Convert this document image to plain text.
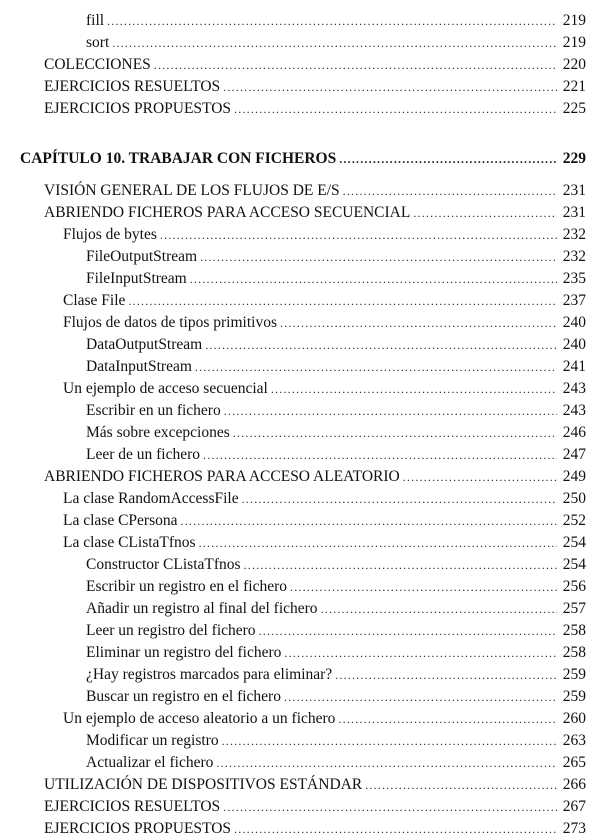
fill .....	219
sort .....	219
COLECCIONES .....	220
EJERCICIOS RESUELTOS .....	221
EJERCICIOS PROPUESTOS .....	225
CAPÍTULO 10. TRABAJAR CON FICHEROS .....	229
VISIÓN GENERAL DE LOS FLUJOS DE E/S .....	231
ABRIENDO FICHEROS PARA ACCESO SECUENCIAL .....	231
Flujos de bytes .....	232
FileOutputStream .....	232
FileInputStream .....	235
Clase File .....	237
Flujos de datos de tipos primitivos .....	240
DataOutputStream .....	240
DataInputStream .....	241
Un ejemplo de acceso secuencial .....	243
Escribir en un fichero .....	243
Más sobre excepciones .....	246
Leer de un fichero .....	247
ABRIENDO FICHEROS PARA ACCESO ALEATORIO .....	249
La clase RandomAccessFile .....	250
La clase CPersona .....	252
La clase CListaTfnos .....	254
Constructor CListaTfnos .....	254
Escribir un registro en el fichero .....	256
Añadir un registro al final del fichero .....	257
Leer un registro del fichero .....	258
Eliminar un registro del fichero .....	258
¿Hay registros marcados para eliminar? .....	259
Buscar un registro en el fichero .....	259
Un ejemplo de acceso aleatorio a un fichero .....	260
Modificar un registro .....	263
Actualizar el fichero .....	265
UTILIZACIÓN DE DISPOSITIVOS ESTÁNDAR .....	266
EJERCICIOS RESUELTOS .....	267
EJERCICIOS PROPUESTOS .....	273
